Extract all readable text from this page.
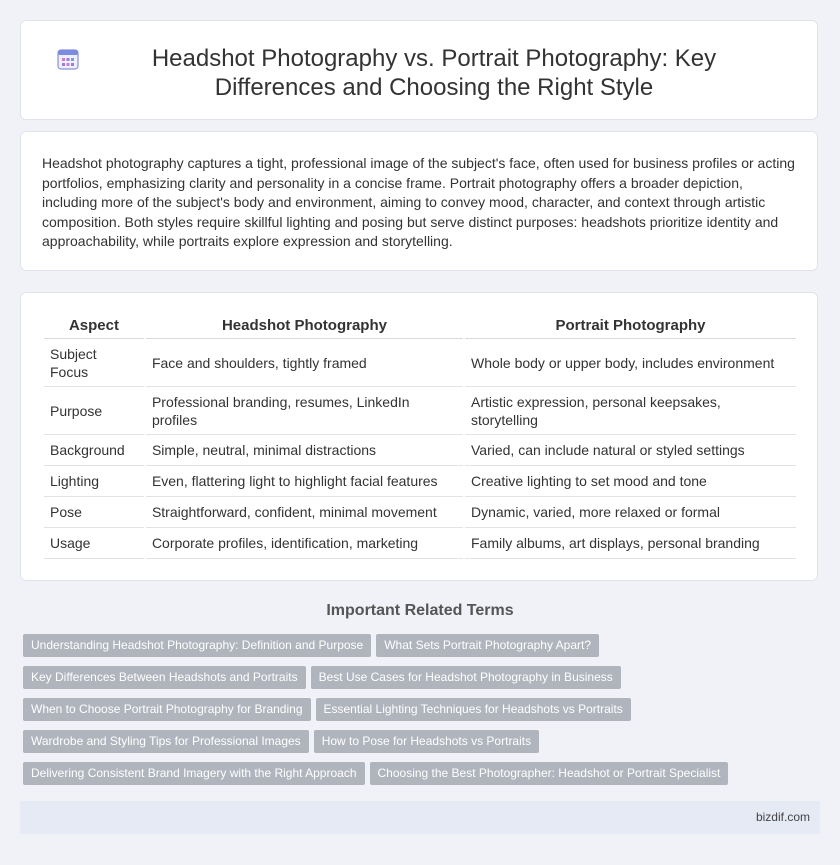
Headshot Photography vs. Portrait Photography: Key Differences and Choosing the Right Style

Headshot photography captures a tight, professional image of the subject's face, often used for business profiles or acting portfolios, emphasizing clarity and personality in a concise frame. Portrait photography offers a broader depiction, including more of the subject's body and environment, aiming to convey mood, character, and context through artistic composition. Both styles require skillful lighting and posing but serve distinct purposes: headshots prioritize identity and approachability, while portraits explore expression and storytelling.

Aspect	Headshot Photography	Portrait Photography
Subject Focus	Face and shoulders, tightly framed	Whole body or upper body, includes environment
Purpose	Professional branding, resumes, LinkedIn profiles	Artistic expression, personal keepsakes, storytelling
Background	Simple, neutral, minimal distractions	Varied, can include natural or styled settings
Lighting	Even, flattering light to highlight facial features	Creative lighting to set mood and tone
Pose	Straightforward, confident, minimal movement	Dynamic, varied, more relaxed or formal
Usage	Corporate profiles, identification, marketing	Family albums, art displays, personal branding
Important Related Terms
Understanding Headshot Photography: Definition and Purpose What Sets Portrait Photography Apart?
Key Differences Between Headshots and Portraits Best Use Cases for Headshot Photography in Business
When to Choose Portrait Photography for Branding Essential Lighting Techniques for Headshots vs Portraits
Wardrobe and Styling Tips for Professional Images How to Pose for Headshots vs Portraits
Delivering Consistent Brand Imagery with the Right Approach Choosing the Best Photographer: Headshot or Portrait Specialist
bizdif.com
